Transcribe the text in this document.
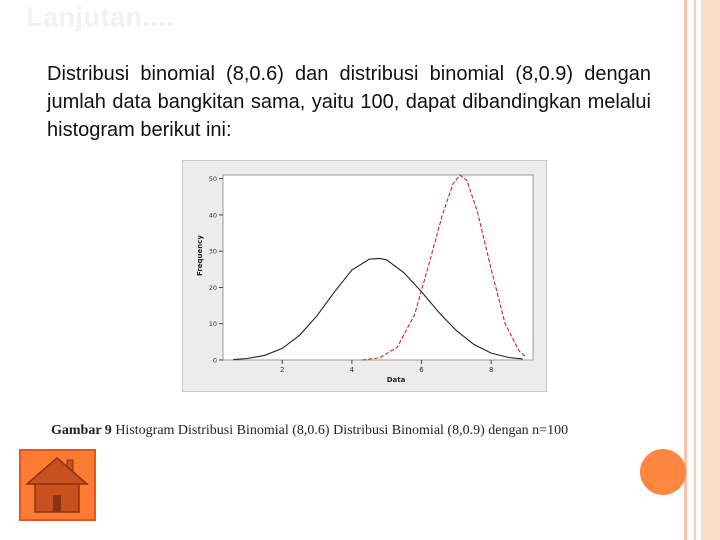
Lanjutan....
Distribusi binomial (8,0.6) dan distribusi binomial (8,0.9) dengan jumlah data bangkitan sama, yaitu 100, dapat dibandingkan melalui histogram berikut ini:
0
10
20
30
40
50
2	4	6	8
Data
Frequency
Gambar 9 Histogram Distribusi Binomial (8,0.6) Distribusi Binomial (8,0.9) dengan n=100
